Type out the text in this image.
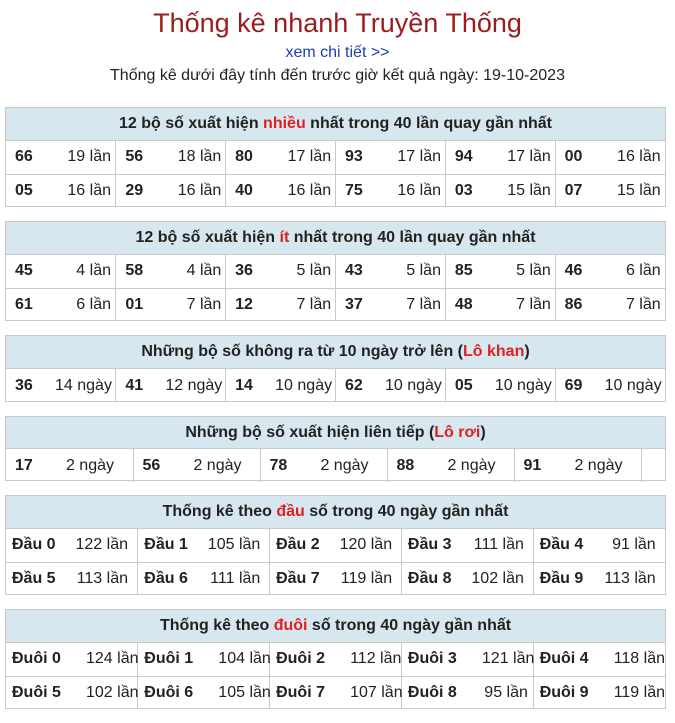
Thống kê nhanh Truyền Thống
xem chi tiết >>
Thống kê dưới đây tính đến trước giờ kết quả ngày: 19-10-2023
12 bộ số xuất hiện nhiều nhất trong 40 lần quay gần nhất
66 19 lần	56 18 lần	80 17 lần	93 17 lần	94 17 lần	00 16 lần
05 16 lần	29 16 lần	40 16 lần	75 16 lần	03 15 lần	07 15 lần
12 bộ số xuất hiện ít nhất trong 40 lần quay gần nhất
45 4 lần	58 4 lần	36 5 lần	43 5 lần	85 5 lần	46 6 lần
61 6 lần	01 7 lần	12 7 lần	37 7 lần	48 7 lần	86 7 lần
Những bộ số không ra từ 10 ngày trở lên (Lô khan)
36 14 ngày	41 12 ngày	14 10 ngày	62 10 ngày	05 10 ngày	69 10 ngày
Những bộ số xuất hiện liên tiếp (Lô rơi)
17 2 ngày	56 2 ngày	78 2 ngày	88 2 ngày	91 2 ngày	
Thống kê theo đầu số trong 40 ngày gần nhất
Đầu 0 122 lần	Đầu 1 105 lần	Đầu 2 120 lần	Đầu 3 111 lần	Đầu 4 91 lần
Đầu 5 113 lần	Đầu 6 111 lần	Đầu 7 119 lần	Đầu 8 102 lần	Đầu 9 113 lần
Thống kê theo đuôi số trong 40 ngày gần nhất
Đuôi 0 124 lần	Đuôi 1 104 lần	Đuôi 2 112 lần	Đuôi 3 121 lần	Đuôi 4 118 lần
Đuôi 5 102 lần	Đuôi 6 105 lần	Đuôi 7 107 lần	Đuôi 8 95 lần	Đuôi 9 119 lần
